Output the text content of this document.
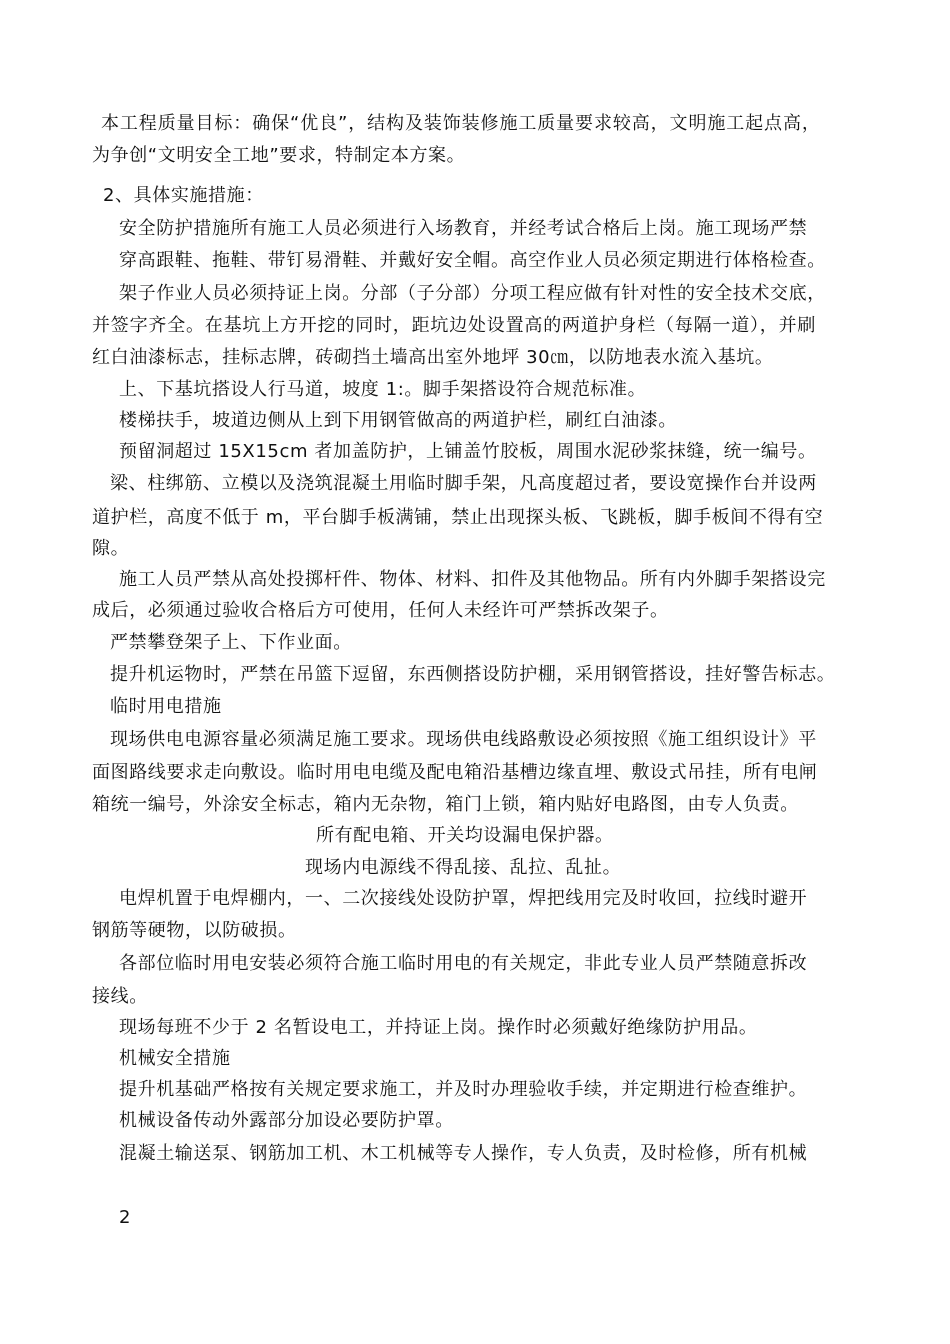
本工程质量目标：确保“优良”，结构及装饰装修施工质量要求较高，文明施工起点高，
为争创“文明安全工地”要求，特制定本方案。
2、具体实施措施：
安全防护措施所有施工人员必须进行入场教育，并经考试合格后上岗。施工现场严禁
穿高跟鞋、拖鞋、带钉易滑鞋、并戴好安全帽。高空作业人员必须定期进行体格检查。
架子作业人员必须持证上岗。分部（子分部）分项工程应做有针对性的安全技术交底，
并签字齐全。在基坑上方开挖的同时，距坑边处设置高的两道护身栏（每隔一道），并刷
红白油漆标志，挂标志牌，砖砌挡土墙高出室外地坪 30㎝，以防地表水流入基坑。
上、下基坑搭设人行马道，坡度 1:。脚手架搭设符合规范标准。
楼梯扶手，坡道边侧从上到下用钢管做高的两道护栏，刷红白油漆。
预留洞超过 15X15cm 者加盖防护，上铺盖竹胶板，周围水泥砂浆抹缝，统一编号。
梁、柱绑筋、立模以及浇筑混凝土用临时脚手架，凡高度超过者，要设宽操作台并设两
道护栏，高度不低于 m，平台脚手板满铺，禁止出现探头板、飞跳板，脚手板间不得有空
隙。
施工人员严禁从高处投掷杆件、物体、材料、扣件及其他物品。所有内外脚手架搭设完
成后，必须通过验收合格后方可使用，任何人未经许可严禁拆改架子。
严禁攀登架子上、下作业面。
提升机运物时，严禁在吊篮下逗留，东西侧搭设防护棚，采用钢管搭设，挂好警告标志。
临时用电措施
现场供电电源容量必须满足施工要求。现场供电线路敷设必须按照《施工组织设计》平
面图路线要求走向敷设。临时用电电缆及配电箱沿基槽边缘直埋、敷设式吊挂，所有电闸
箱统一编号，外涂安全标志，箱内无杂物，箱门上锁，箱内贴好电路图，由专人负责。
所有配电箱、开关均设漏电保护器。
现场内电源线不得乱接、乱拉、乱扯。
电焊机置于电焊棚内，一、二次接线处设防护罩，焊把线用完及时收回，拉线时避开
钢筋等硬物，以防破损。
各部位临时用电安装必须符合施工临时用电的有关规定，非此专业人员严禁随意拆改
接线。
现场每班不少于 2 名暂设电工，并持证上岗。操作时必须戴好绝缘防护用品。
机械安全措施
提升机基础严格按有关规定要求施工，并及时办理验收手续，并定期进行检查维护。
机械设备传动外露部分加设必要防护罩。
混凝土输送泵、钢筋加工机、木工机械等专人操作，专人负责，及时检修，所有机械
2
